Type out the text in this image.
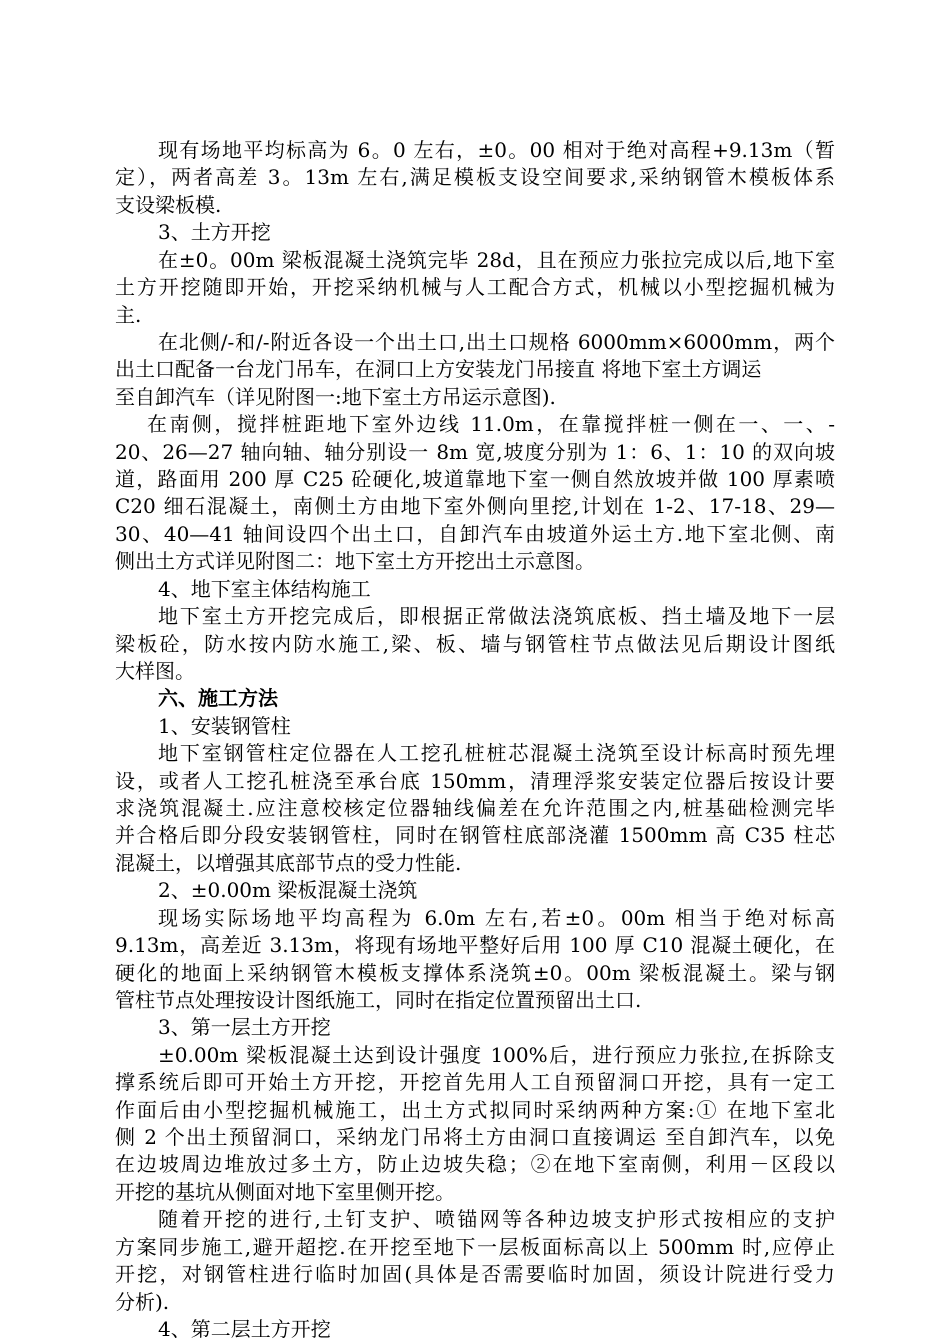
现有场地平均标高为 6。0 左右，±0。00 相对于绝对高程+9.13m（暂
定），两者高差 3。13m 左右,满足模板支设空间要求,采纳钢管木模板体系
支设梁板模.
3、土方开挖
在±0。00m 梁板混凝土浇筑完毕 28d，且在预应力张拉完成以后,地下室
土方开挖随即开始，开挖采纳机械与人工配合方式，机械以小型挖掘机械为
主.
在北侧/-和/-附近各设一个出土口,出土口规格 6000mm×6000mm，两个
出土口配备一台龙门吊车，在洞口上方安装龙门吊接直 将地下室土方调运
至自卸汽车（详见附图一:地下室土方吊运示意图).
在南侧，搅拌桩距地下室外边线 11.0m，在靠搅拌桩一侧在一、一、-
20、26—27 轴向轴、轴分别设一 8m 宽,坡度分别为 1：6、1：10 的双向坡
道，路面用 200 厚 C25 砼硬化,坡道靠地下室一侧自然放坡并做 100 厚素喷
C20 细石混凝土，南侧土方由地下室外侧向里挖,计划在 1-2、17-18、29—
30、40—41 轴间设四个出土口，自卸汽车由坡道外运土方.地下室北侧、南
侧出土方式详见附图二：地下室土方开挖出土示意图。
4、地下室主体结构施工
地下室土方开挖完成后，即根据正常做法浇筑底板、挡土墙及地下一层
梁板砼，防水按内防水施工,梁、板、墙与钢管柱节点做法见后期设计图纸
大样图。
六、施工方法
1、安装钢管柱
地下室钢管柱定位器在人工挖孔桩桩芯混凝土浇筑至设计标高时预先埋
设，或者人工挖孔桩浇至承台底 150mm，清理浮浆安装定位器后按设计要
求浇筑混凝土.应注意校核定位器轴线偏差在允许范围之内,桩基础检测完毕
并合格后即分段安装钢管柱，同时在钢管柱底部浇灌 1500mm 高 C35 柱芯
混凝土，以增强其底部节点的受力性能.
2、±0.00m 梁板混凝土浇筑
现场实际场地平均高程为 6.0m 左右,若±0。00m 相当于绝对标高
9.13m，高差近 3.13m，将现有场地平整好后用 100 厚 C10 混凝土硬化，在
硬化的地面上采纳钢管木模板支撑体系浇筑±0。00m 梁板混凝土。梁与钢
管柱节点处理按设计图纸施工，同时在指定位置预留出土口.
3、第一层土方开挖
±0.00m 梁板混凝土达到设计强度 100%后，进行预应力张拉,在拆除支
撑系统后即可开始土方开挖，开挖首先用人工自预留洞口开挖，具有一定工
作面后由小型挖掘机械施工，出土方式拟同时采纳两种方案:① 在地下室北
侧 2 个出土预留洞口，采纳龙门吊将土方由洞口直接调运 至自卸汽车，以免
在边坡周边堆放过多土方，防止边坡失稳；②在地下室南侧，利用－区段以
开挖的基坑从侧面对地下室里侧开挖。
随着开挖的进行,土钉支护、喷锚网等各种边坡支护形式按相应的支护
方案同步施工,避开超挖.在开挖至地下一层板面标高以上 500mm 时,应停止
开挖，对钢管柱进行临时加固(具体是否需要临时加固，须设计院进行受力
分析).
4、第二层土方开挖
